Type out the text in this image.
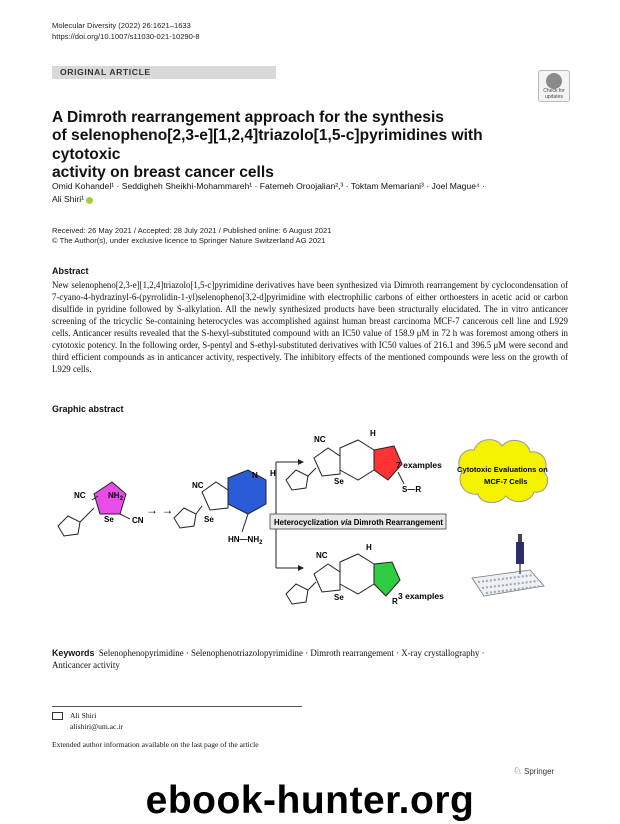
Molecular Diversity (2022) 26:1621–1633
https://doi.org/10.1007/s11030-021-10290-8
ORIGINAL ARTICLE
Check for
updates
A Dimroth rearrangement approach for the synthesis
of selenopheno[2,3-e][1,2,4]triazolo[1,5-c]pyrimidines with cytotoxic
activity on breast cancer cells
Omid Kohandel¹ · Seddigheh Sheikhi-Mohammareh¹ · Fatemeh Oroojalian²,³ · Toktam Memariani³ · Joel Mague⁴ ·
Ali Shiri¹
Received: 26 May 2021 / Accepted: 28 July 2021 / Published online: 6 August 2021
© The Author(s), under exclusive licence to Springer Nature Switzerland AG 2021
Abstract
New selenopheno[2,3-e][1,2,4]triazolo[1,5-c]pyrimidine derivatives have been synthesized via Dimroth rearrangement by cyclocondensation of 7-cyano-4-hydrazinyl-6-(pyrrolidin-1-yl)selenopheno[3,2-d]pyrimidine with electrophilic carbons of either orthoesters in acetic acid or carbon disulfide in pyridine followed by S-alkylation. All the newly synthesized products have been structurally elucidated. The in vitro anticancer screening of the tricyclic Se-containing heterocycles was accomplished against human breast carcinoma MCF-7 cancerous cell line and L929 cells. Anticancer results revealed that the S-hexyl-substituted compound with an IC50 value of 158.9 μM in 72 h was foremost among others in cytotoxic potency. In the following order, S-pentyl and S-ethyl-substituted derivatives with IC50 values of 216.1 and 396.5 μM were second and third efficient compounds as in anticancer activity, respectively. The inhibitory effects of the mentioned compounds were less on the growth of L929 cells.
Graphic abstract
NC	$NH_2$
Se CN
→ →
NC
Se
N H
$HN—NH_2$
NC
H
Se
S—R
7 examples
Heterocyclization via Dimroth Rearrangement
NC
H
Se	R
3 examples
Cytotoxic Evaluations on
MCF-7 Cells
Keywords Selenophenopyrimidine · Selenophenotriazolopyrimidine · Dimroth rearrangement · X-ray crystallography ·
Anticancer activity
Ali Shiri
alishiri@um.ac.ir
Extended author information available on the last page of the article
♘ Springer
ebook-hunter.org
